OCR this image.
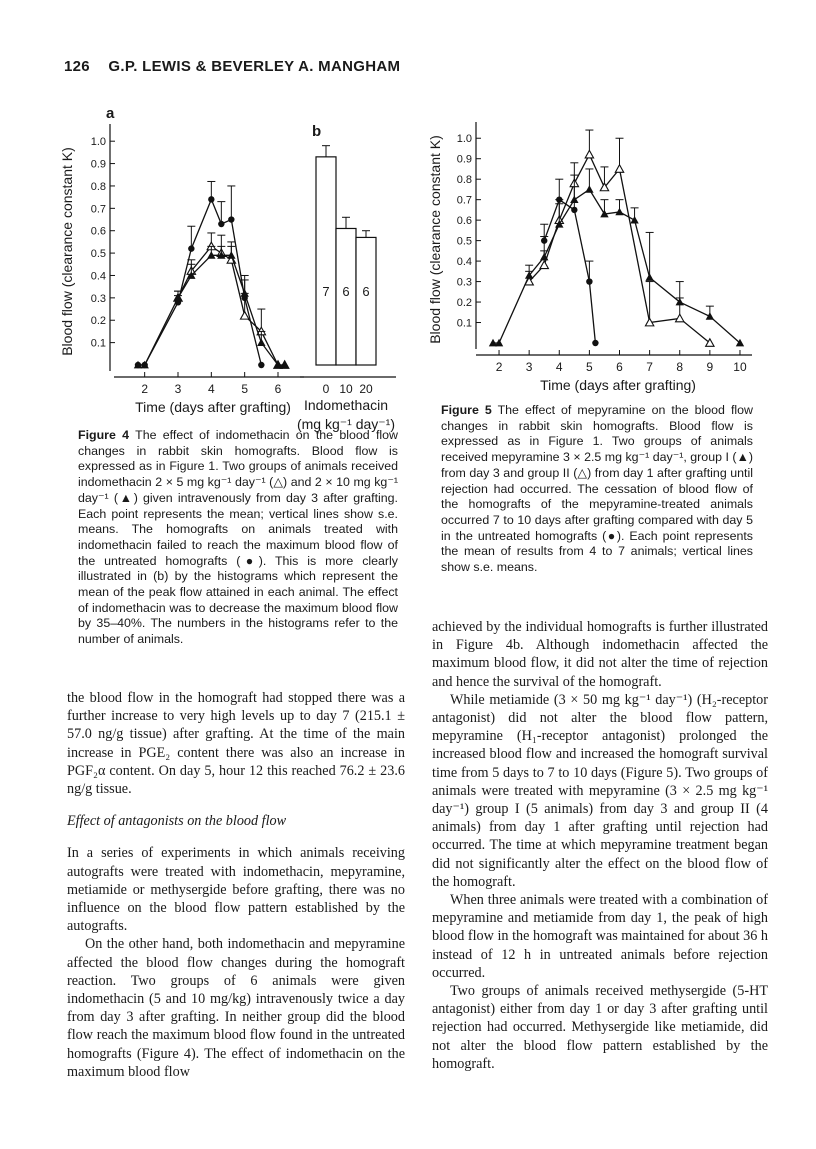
126 G.P. LEWIS & BEVERLEY A. MANGHAM
a
0.1
0.2
0.3
0.4
0.5
0.6
0.7
0.8
0.9
1.0
2 3 4 5 6
Time (days after grafting)
Blood flow (clearance constant K)
b
7
0
6
10
6
20
Indomethacin
(mg kg⁻¹ day⁻¹)
0.1
0.2
0.3
0.4
0.5
0.6
0.7
0.8
0.9
1.0
2 3 4 5 6 7 8 9 10
Time (days after grafting)
Blood flow (clearance constant K)
Figure 4 The effect of indomethacin on the blood flow changes in rabbit skin homografts. Blood flow is expressed as in Figure 1. Two groups of animals received indomethacin 2 × 5 mg kg⁻¹ day⁻¹ (△) and 2 × 10 mg kg⁻¹ day⁻¹ (▲) given intravenously from day 3 after grafting. Each point represents the mean; vertical lines show s.e. means. The homografts on animals treated with indomethacin failed to reach the maximum blood flow of the untreated homografts (●). This is more clearly illustrated in (b) by the histograms which represent the mean of the peak flow attained in each animal. The effect of indomethacin was to decrease the maximum blood flow by 35–40%. The numbers in the histograms refer to the number of animals.
Figure 5 The effect of mepyramine on the blood flow changes in rabbit skin homografts. Blood flow is expressed as in Figure 1. Two groups of animals received mepyramine 3 × 2.5 mg kg⁻¹ day⁻¹, group I (▲) from day 3 and group II (△) from day 1 after grafting until rejection had occurred. The cessation of blood flow of the homografts of the mepyramine-treated animals occurred 7 to 10 days after grafting compared with day 5 in the untreated homografts (●). Each point represents the mean of results from 4 to 7 animals; vertical lines show s.e. means.

the blood flow in the homograft had stopped there was a further increase to very high levels up to day 7 (215.1 ± 57.0 ng/g tissue) after grafting. At the time of the main increase in PGE₂ content there was also an increase in PGF₂α content. On day 5, hour 12 this reached 76.2 ± 23.6 ng/g tissue.

Effect of antagonists on the blood flow

In a series of experiments in which animals receiving autografts were treated with indomethacin, mepyramine, metiamide or methysergide before grafting, there was no influence on the blood flow pattern established by the autografts.

On the other hand, both indomethacin and mepyramine affected the blood flow changes during the homograft reaction. Two groups of 6 animals were given indomethacin (5 and 10 mg/kg) intravenously twice a day from day 3 after grafting. In neither group did the blood flow reach the maximum blood flow found in the untreated homografts (Figure 4). The effect of indomethacin on the maximum blood flow

achieved by the individual homografts is further illustrated in Figure 4b. Although indomethacin affected the maximum blood flow, it did not alter the time of rejection and hence the survival of the homograft.

While metiamide (3 × 50 mg kg⁻¹ day⁻¹) (H₂-receptor antagonist) did not alter the blood flow pattern, mepyramine (H₁-receptor antagonist) prolonged the increased blood flow and increased the homograft survival time from 5 days to 7 to 10 days (Figure 5). Two groups of animals were treated with mepyramine (3 × 2.5 mg kg⁻¹ day⁻¹) group I (5 animals) from day 3 and group II (4 animals) from day 1 after grafting until rejection had occurred. The time at which mepyramine treatment began did not significantly alter the effect on the blood flow of the homograft.

When three animals were treated with a combination of mepyramine and metiamide from day 1, the peak of high blood flow in the homograft was maintained for about 36 h instead of 12 h in untreated animals before rejection occurred.

Two groups of animals received methysergide (5-HT antagonist) either from day 1 or day 3 after grafting until rejection had occurred. Methysergide like metiamide, did not alter the blood flow pattern established by the homograft.
